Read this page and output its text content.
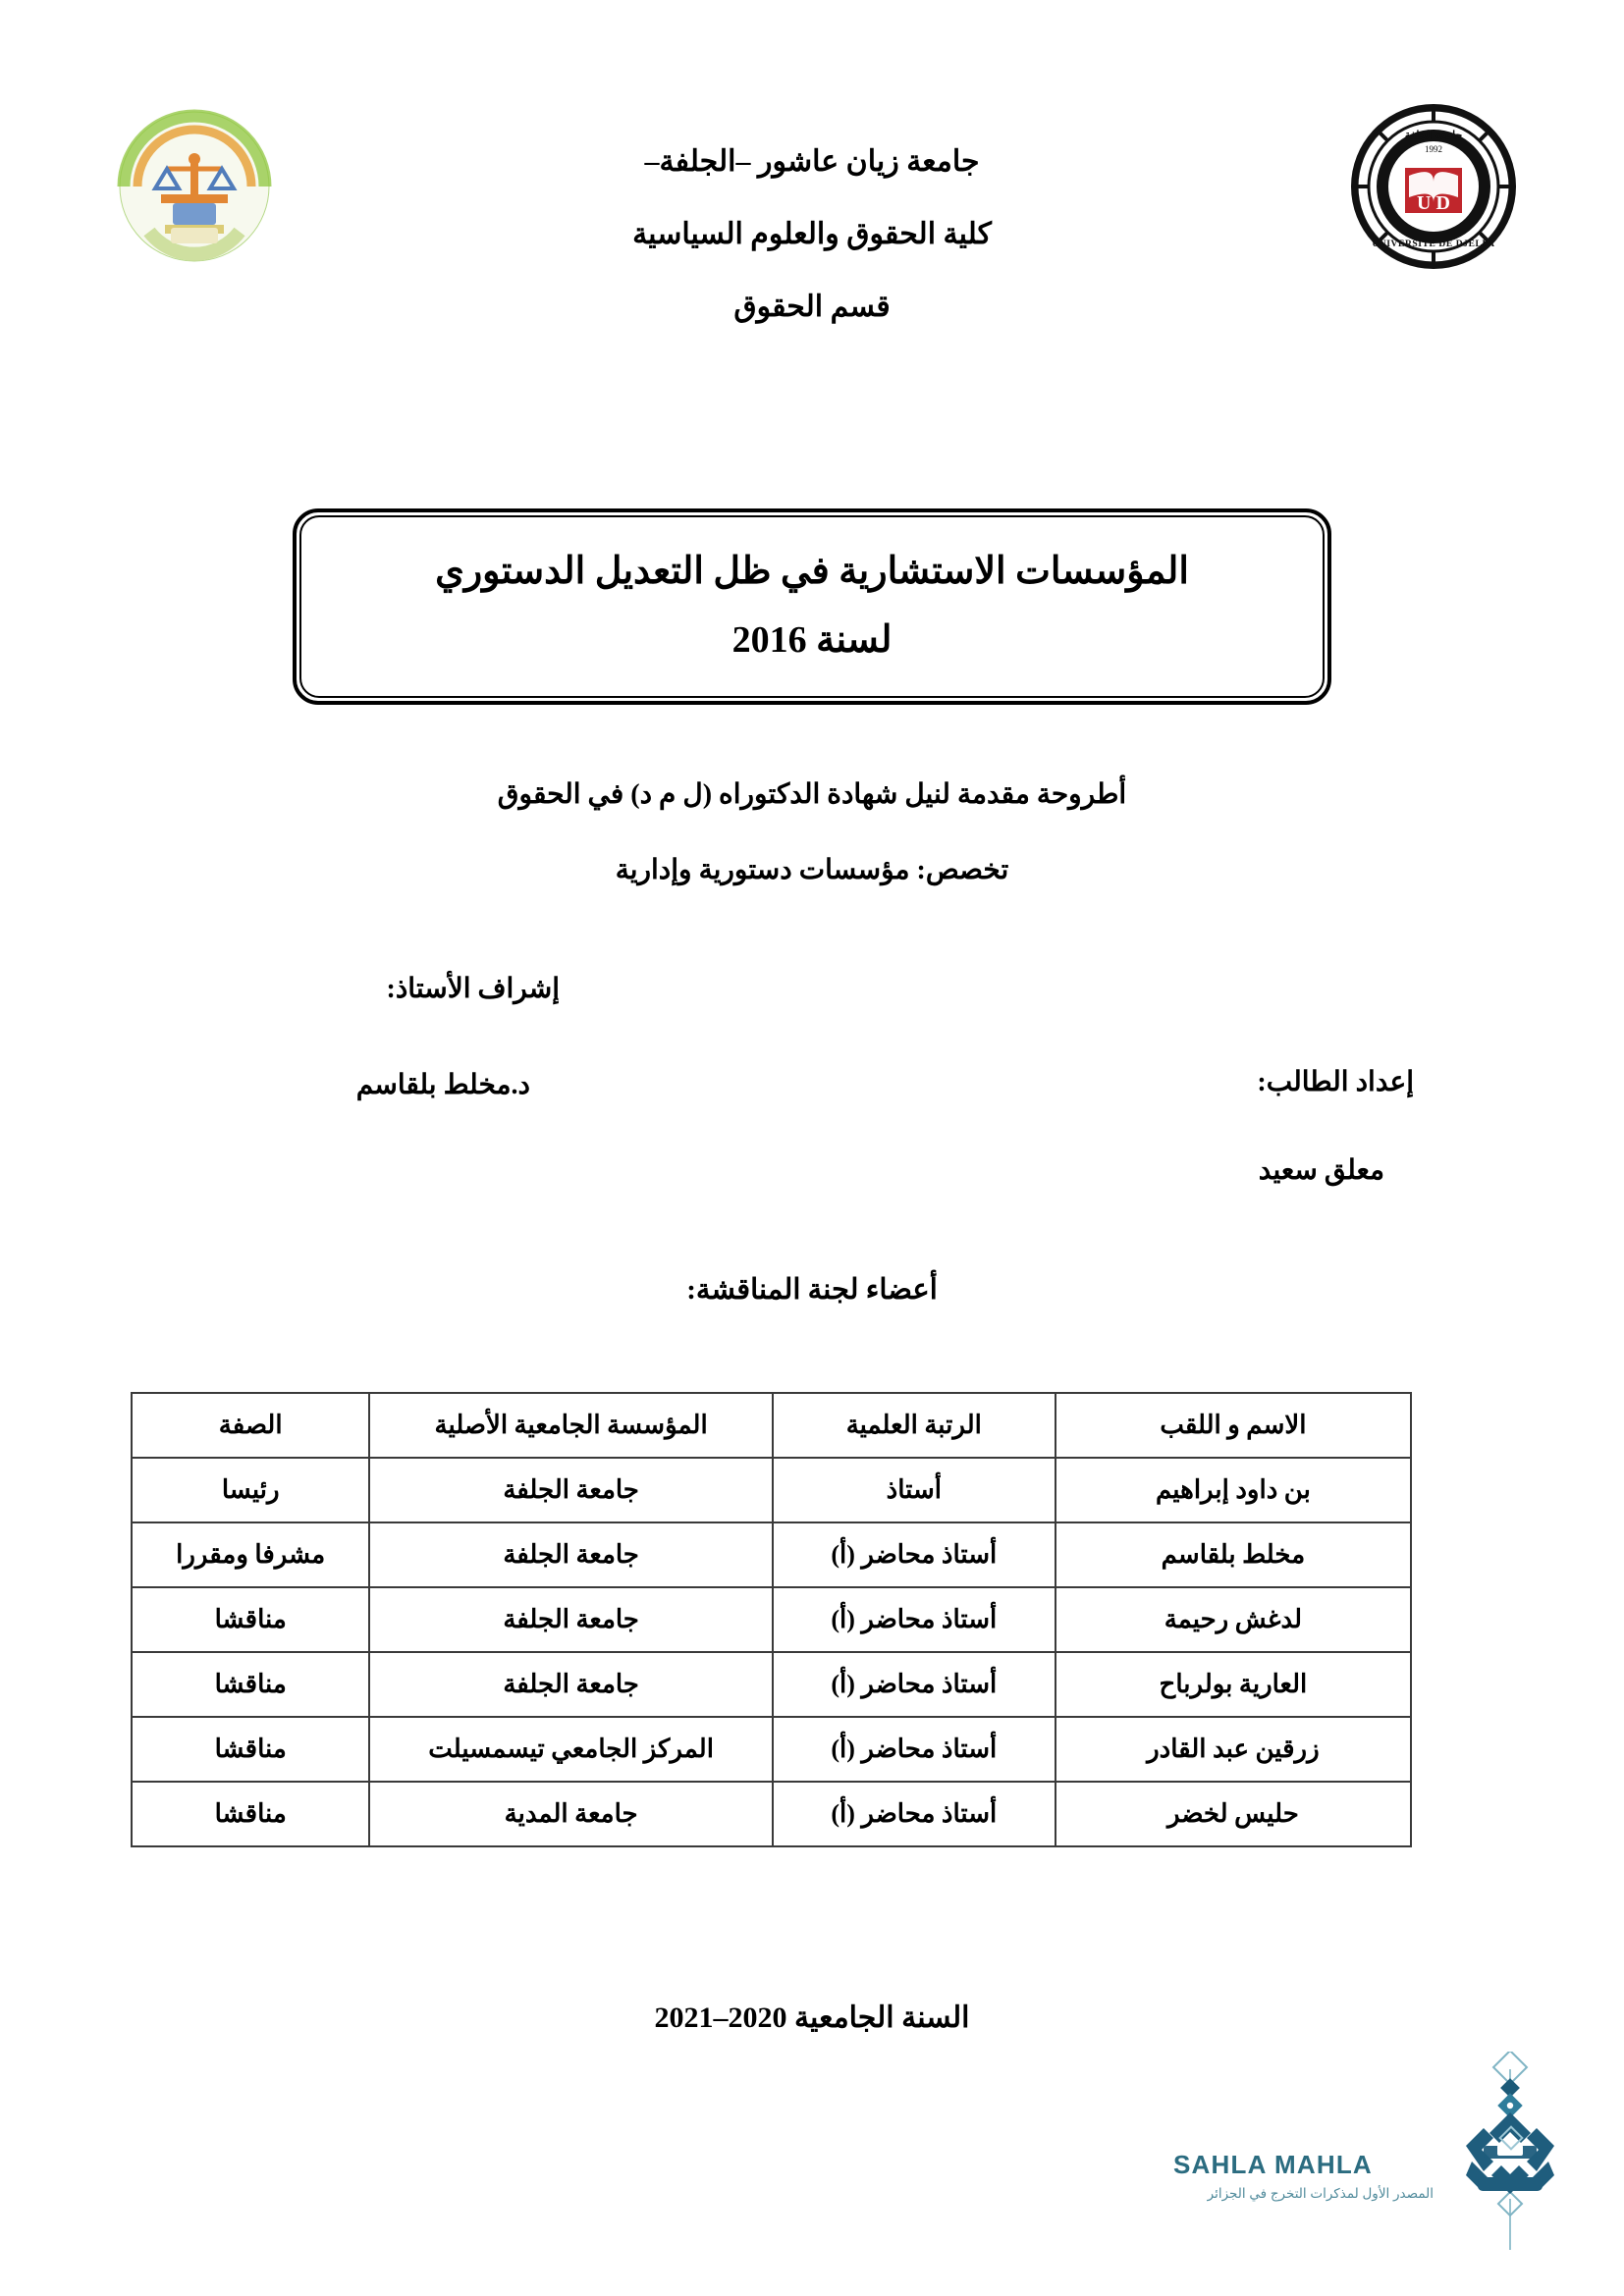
U D
جامعة الجلفة
1992
UNIVERSITÉ DE DJELFA
جامعة زيان عاشور –الجلفة–
كلية الحقوق والعلوم السياسية
قسم الحقوق
المؤسسات الاستشارية في ظل التعديل الدستوري
لسنة 2016
أطروحة مقدمة لنيل شهادة الدكتوراه (ل م د) في الحقوق
تخصص: مؤسسات دستورية وإدارية
إشراف الأستاذ:
د.مخلط بلقاسم	إعداد الطالب:
معلق سعيد
أعضاء لجنة المناقشة:
الاسم و اللقب	الرتبة العلمية	المؤسسة الجامعية الأصلية	الصفة
بن داود إبراهيم	أستاذ	جامعة الجلفة	رئيسا
مخلط بلقاسم	أستاذ محاضر (أ)	جامعة الجلفة	مشرفا ومقررا
لدغش رحيمة	أستاذ محاضر (أ)	جامعة الجلفة	مناقشا
العارية بولرباح	أستاذ محاضر (أ)	جامعة الجلفة	مناقشا
زرقين عبد القادر	أستاذ محاضر (أ)	المركز الجامعي تيسمسيلت	مناقشا
حليس لخضر	أستاذ محاضر (أ)	جامعة المدية	مناقشا
السنة الجامعية 2020–2021
SAHLA MAHLA
المصدر الأول لمذكرات التخرج في الجزائر
